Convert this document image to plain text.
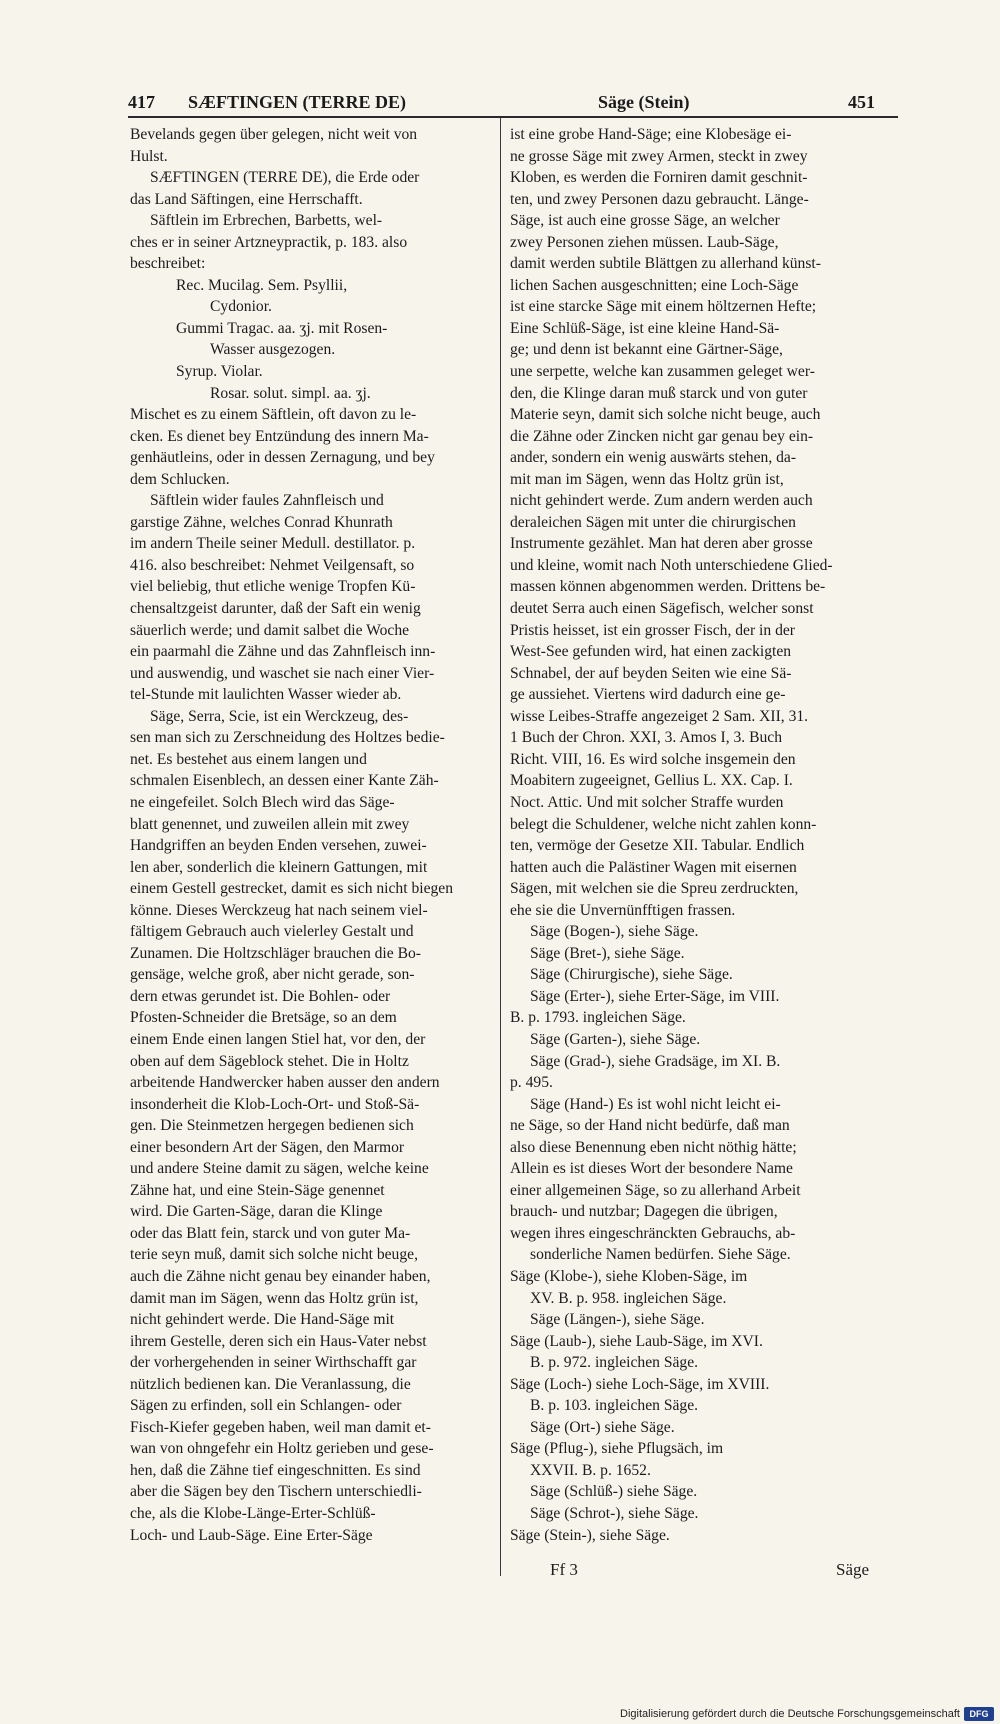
417 SÆFTINGEN (TERRE DE)	Säge (Stein)	451
Bevelands gegen über gelegen, nicht weit von
Hulst.
SÆFTINGEN (TERRE DE), die Erde oder
das Land Säftingen, eine Herrschafft.
Säftlein im Erbrechen, Barbetts, wel-
ches er in seiner Artzneypractik, p. 183. also
beschreibet:
Rec. Mucilag. Sem. Psyllii,
Cydonior.
Gummi Tragac. aa. ʒj. mit Rosen-
Wasser ausgezogen.
Syrup. Violar.
Rosar. solut. simpl. aa. ʒj.
Mischet es zu einem Säftlein, oft davon zu le-
cken. Es dienet bey Entzündung des innern Ma-
genhäutleins, oder in dessen Zernagung, und bey
dem Schlucken.
Säftlein wider faules Zahnfleisch und
garstige Zähne, welches Conrad Khunrath
im andern Theile seiner Medull. destillator. p.
416. also beschreibet: Nehmet Veilgensaft, so
viel beliebig, thut etliche wenige Tropfen Kü-
chensaltzgeist darunter, daß der Saft ein wenig
säuerlich werde; und damit salbet die Woche
ein paarmahl die Zähne und das Zahnfleisch inn-
und auswendig, und waschet sie nach einer Vier-
tel-Stunde mit laulichten Wasser wieder ab.
Säge, Serra, Scie, ist ein Werckzeug, des-
sen man sich zu Zerschneidung des Holtzes bedie-
net. Es bestehet aus einem langen und
schmalen Eisenblech, an dessen einer Kante Zäh-
ne eingefeilet. Solch Blech wird das Säge-
blatt genennet, und zuweilen allein mit zwey
Handgriffen an beyden Enden versehen, zuwei-
len aber, sonderlich die kleinern Gattungen, mit
einem Gestell gestrecket, damit es sich nicht biegen
könne. Dieses Werckzeug hat nach seinem viel-
fältigem Gebrauch auch vielerley Gestalt und
Zunamen. Die Holtzschläger brauchen die Bo-
gensäge, welche groß, aber nicht gerade, son-
dern etwas gerundet ist. Die Bohlen- oder
Pfosten-Schneider die Bretsäge, so an dem
einem Ende einen langen Stiel hat, vor den, der
oben auf dem Sägeblock stehet. Die in Holtz
arbeitende Handwercker haben ausser den andern
insonderheit die Klob-Loch-Ort- und Stoß-Sä-
gen. Die Steinmetzen hergegen bedienen sich
einer besondern Art der Sägen, den Marmor
und andere Steine damit zu sägen, welche keine
Zähne hat, und eine Stein-Säge genennet
wird. Die Garten-Säge, daran die Klinge
oder das Blatt fein, starck und von guter Ma-
terie seyn muß, damit sich solche nicht beuge,
auch die Zähne nicht genau bey einander haben,
damit man im Sägen, wenn das Holtz grün ist,
nicht gehindert werde. Die Hand-Säge mit
ihrem Gestelle, deren sich ein Haus-Vater nebst
der vorhergehenden in seiner Wirthschafft gar
nützlich bedienen kan. Die Veranlassung, die
Sägen zu erfinden, soll ein Schlangen- oder
Fisch-Kiefer gegeben haben, weil man damit et-
wan von ohngefehr ein Holtz gerieben und gese-
hen, daß die Zähne tief eingeschnitten. Es sind
aber die Sägen bey den Tischern unterschiedli-
che, als die Klobe-Länge-Erter-Schlüß-
Loch- und Laub-Säge. Eine Erter-Säge
ist eine grobe Hand-Säge; eine Klobesäge ei-
ne grosse Säge mit zwey Armen, steckt in zwey
Kloben, es werden die Forniren damit geschnit-
ten, und zwey Personen dazu gebraucht. Länge-
Säge, ist auch eine grosse Säge, an welcher
zwey Personen ziehen müssen. Laub-Säge,
damit werden subtile Blättgen zu allerhand künst-
lichen Sachen ausgeschnitten; eine Loch-Säge
ist eine starcke Säge mit einem höltzernen Hefte;
Eine Schlüß-Säge, ist eine kleine Hand-Sä-
ge; und denn ist bekannt eine Gärtner-Säge,
une serpette, welche kan zusammen geleget wer-
den, die Klinge daran muß starck und von guter
Materie seyn, damit sich solche nicht beuge, auch
die Zähne oder Zincken nicht gar genau bey ein-
ander, sondern ein wenig auswärts stehen, da-
mit man im Sägen, wenn das Holtz grün ist,
nicht gehindert werde. Zum andern werden auch
deraleichen Sägen mit unter die chirurgischen
Instrumente gezählet. Man hat deren aber grosse
und kleine, womit nach Noth unterschiedene Glied-
massen können abgenommen werden. Drittens be-
deutet Serra auch einen Sägefisch, welcher sonst
Pristis heisset, ist ein grosser Fisch, der in der
West-See gefunden wird, hat einen zackigten
Schnabel, der auf beyden Seiten wie eine Sä-
ge aussiehet. Viertens wird dadurch eine ge-
wisse Leibes-Straffe angezeiget 2 Sam. XII, 31.
1 Buch der Chron. XXI, 3. Amos I, 3. Buch
Richt. VIII, 16. Es wird solche insgemein den
Moabitern zugeeignet, Gellius L. XX. Cap. I.
Noct. Attic. Und mit solcher Straffe wurden
belegt die Schuldener, welche nicht zahlen konn-
ten, vermöge der Gesetze XII. Tabular. Endlich
hatten auch die Palästiner Wagen mit eisernen
Sägen, mit welchen sie die Spreu zerdruckten,
ehe sie die Unvernünfftigen frassen.
Säge (Bogen-), siehe Säge.
Säge (Bret-), siehe Säge.
Säge (Chirurgische), siehe Säge.
Säge (Erter-), siehe Erter-Säge, im VIII.
B. p. 1793. ingleichen Säge.
Säge (Garten-), siehe Säge.
Säge (Grad-), siehe Gradsäge, im XI. B.
p. 495.
Säge (Hand-) Es ist wohl nicht leicht ei-
ne Säge, so der Hand nicht bedürfe, daß man
also diese Benennung eben nicht nöthig hätte;
Allein es ist dieses Wort der besondere Name
einer allgemeinen Säge, so zu allerhand Arbeit
brauch- und nutzbar; Dagegen die übrigen,
wegen ihres eingeschränckten Gebrauchs, ab-
sonderliche Namen bedürfen. Siehe Säge.
Säge (Klobe-), siehe Kloben-Säge, im
XV. B. p. 958. ingleichen Säge.
Säge (Längen-), siehe Säge.
Säge (Laub-), siehe Laub-Säge, im XVI.
B. p. 972. ingleichen Säge.
Säge (Loch-) siehe Loch-Säge, im XVIII.
B. p. 103. ingleichen Säge.
Säge (Ort-) siehe Säge.
Säge (Pflug-), siehe Pflugsäch, im
XXVII. B. p. 1652.
Säge (Schlüß-) siehe Säge.
Säge (Schrot-), siehe Säge.
Säge (Stein-), siehe Säge.
Ff 3	Säge
Digitalisierung gefördert durch die Deutsche Forschungsgemeinschaft	DFG
